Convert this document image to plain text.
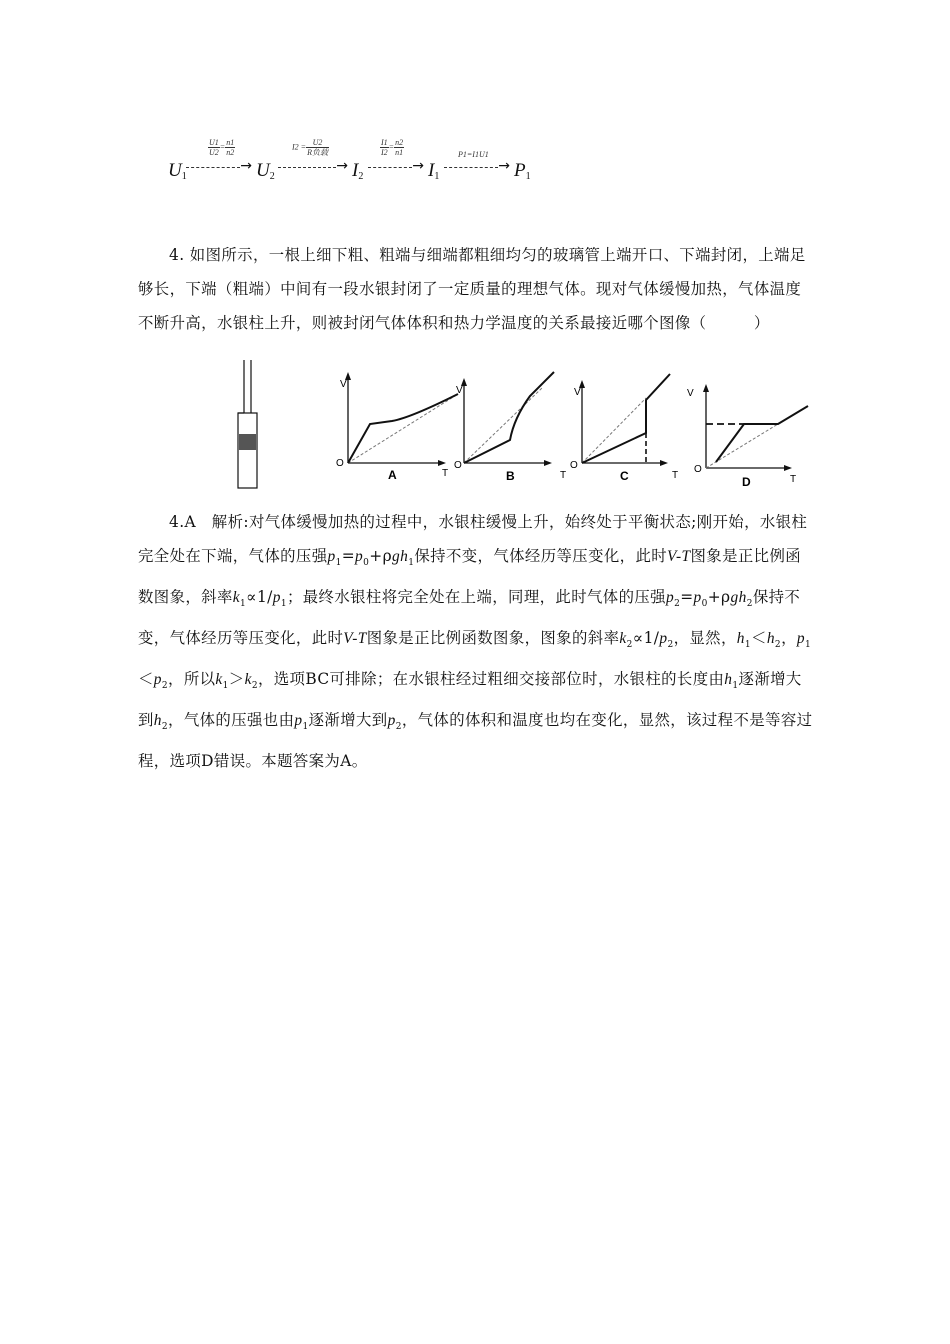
$U_1$
→
$\frac{U1}{U2} = \frac{n1}{n2}$
$U_2$
→
$I2 = \frac{U2}{\text{R负载}}$
$I_2$
→
$\frac{I1}{I2} = \frac{n2}{n1}$
$I_1$
→
P1=I1U1
$P_1$
4. 如图所示，一根上细下粗、粗端与细端都粗细均匀的玻璃管上端开口、下端封闭，上端足够长，下端（粗端）中间有一段水银封闭了一定质量的理想气体。现对气体缓慢加热，气体温度不断升高，水银柱上升，则被封闭气体体积和热力学温度的关系最接近哪个图像（　　　）
V
T
O
A
V
T
O
B
V
T
O
C
V
T
O
D
4.A　解析:对气体缓慢加热的过程中，水银柱缓慢上升，始终处于平衡状态;刚开始，水银柱完全处在下端，气体的压强$p_1=p_0+\rho gh_1$保持不变，气体经历等压变化，此时V-T图象是正比例函数图象，斜率$k_1\propto 1/p_1$；最终水银柱将完全处在上端，同理，此时气体的压强$p_2=p_0+\rho gh_2$保持不变，气体经历等压变化，此时V-T图象是正比例函数图象，图象的斜率$k_2\propto 1/p_2$，显然，$h_1<h_2$，$p_1<p_2$，所以$k_1>k_2$，选项BC可排除；在水银柱经过粗细交接部位时，水银柱的长度由$h_1$逐渐增大到$h_2$，气体的压强也由$p_1$逐渐增大到$p_2$，气体的体积和温度也均在变化，显然，该过程不是等容过程，选项D错误。本题答案为A。
